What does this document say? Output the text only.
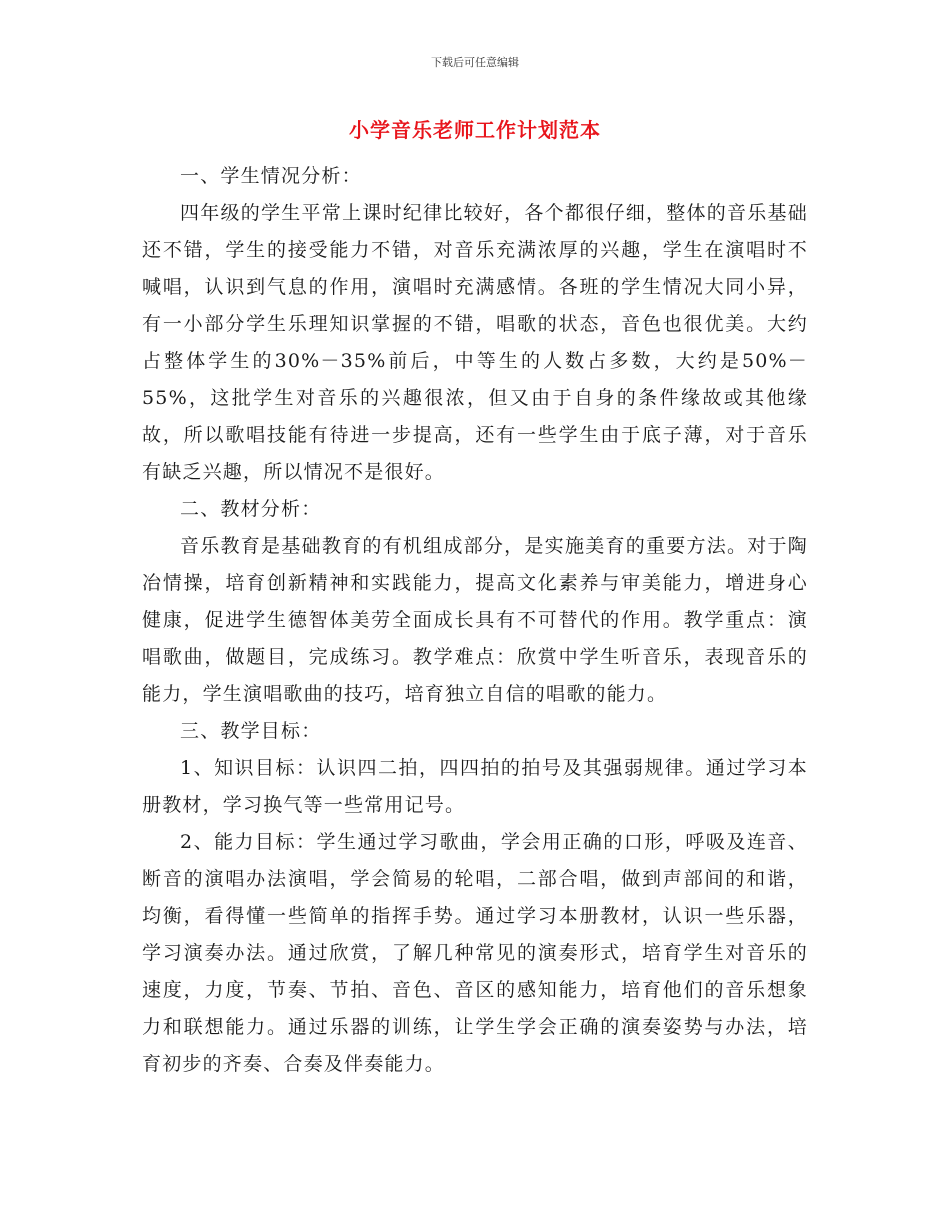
下载后可任意编辑
小学音乐老师工作计划范本

一、学生情况分析：

四年级的学生平常上课时纪律比较好，各个都很仔细，整体的音乐基础还不错，学生的接受能力不错，对音乐充满浓厚的兴趣，学生在演唱时不喊唱，认识到气息的作用，演唱时充满感情。各班的学生情况大同小异，有一小部分学生乐理知识掌握的不错，唱歌的状态，音色也很优美。大约占整体学生的30%－35%前后，中等生的人数占多数，大约是50%－55%，这批学生对音乐的兴趣很浓，但又由于自身的条件缘故或其他缘故，所以歌唱技能有待进一步提高，还有一些学生由于底子薄，对于音乐有缺乏兴趣，所以情况不是很好。

二、教材分析：

音乐教育是基础教育的有机组成部分，是实施美育的重要方法。对于陶冶情操，培育创新精神和实践能力，提高文化素养与审美能力，增进身心健康，促进学生德智体美劳全面成长具有不可替代的作用。教学重点：演唱歌曲，做题目，完成练习。教学难点：欣赏中学生听音乐，表现音乐的能力，学生演唱歌曲的技巧，培育独立自信的唱歌的能力。

三、教学目标：

1、知识目标：认识四二拍，四四拍的拍号及其强弱规律。通过学习本册教材，学习换气等一些常用记号。

2、能力目标：学生通过学习歌曲，学会用正确的口形，呼吸及连音、断音的演唱办法演唱，学会简易的轮唱，二部合唱，做到声部间的和谐，均衡，看得懂一些简单的指挥手势。通过学习本册教材，认识一些乐器，学习演奏办法。通过欣赏，了解几种常见的演奏形式，培育学生对音乐的速度，力度，节奏、节拍、音色、音区的感知能力，培育他们的音乐想象力和联想能力。通过乐器的训练，让学生学会正确的演奏姿势与办法，培育初步的齐奏、合奏及伴奏能力。
